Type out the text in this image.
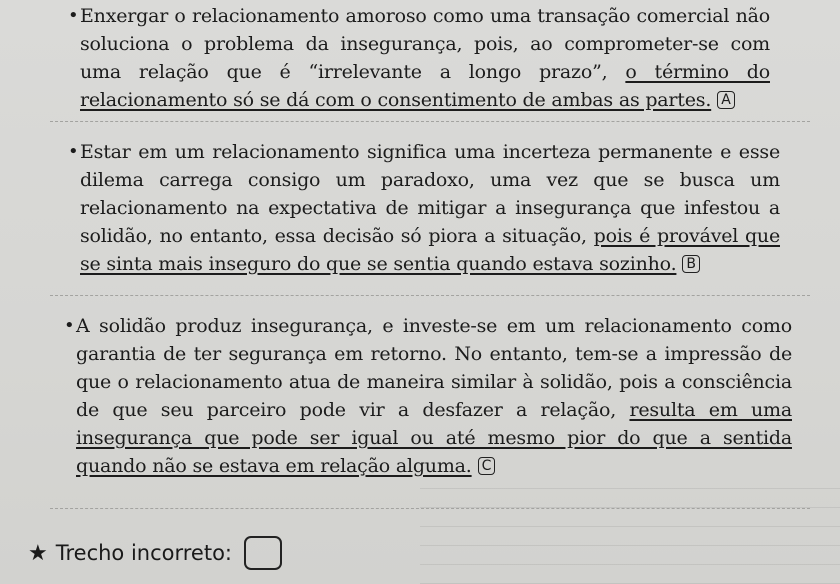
• Enxergar o relacionamento amoroso como uma transação comercial não soluciona o problema da insegurança, pois, ao comprometer-se com uma relação que é “irrelevante a longo prazo”, o término do relacionamento só se dá com o consentimento de ambas as partes. A
• Estar em um relacionamento significa uma incerteza permanente e esse dilema carrega consigo um paradoxo, uma vez que se busca um relacionamento na expectativa de mitigar a insegurança que infestou a solidão, no entanto, essa decisão só piora a situação, pois é provável que se sinta mais inseguro do que se sentia quando estava sozinho. B
• A solidão produz insegurança, e investe-se em um relacionamento como garantia de ter segurança em retorno. No entanto, tem-se a impressão de que o relacionamento atua de maneira similar à solidão, pois a consciência de que seu parceiro pode vir a desfazer a relação, resulta em uma insegurança que pode ser igual ou até mesmo pior do que a sentida quando não se estava em relação alguma. C
★ Trecho incorreto:
